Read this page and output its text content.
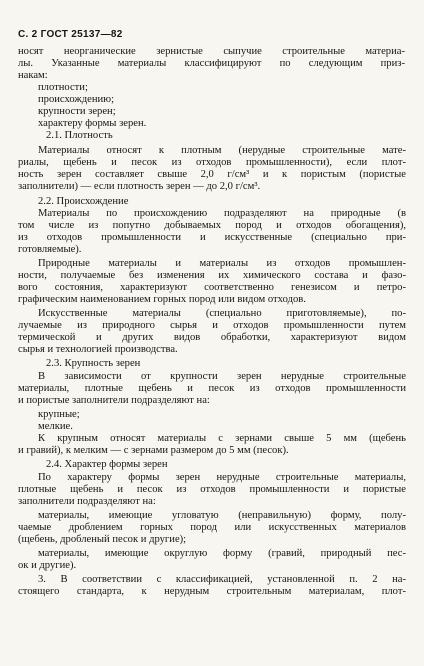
С. 2 ГОСТ 25137—82
носят неорганические зернистые сыпучие строительные материа-
лы. Указанные материалы классифицируют по следующим приз-
накам:
плотности;
происхождению;
крупности зерен;
характеру формы зерен.
2.1. Плотность
Материалы относят к плотным (нерудные строительные мате-
риалы, щебень и песок из отходов промышленности), если плот-
ность зерен составляет свыше 2,0 г/см³ и к пористым (пористые
заполнители) — если плотность зерен — до 2,0 г/см³.
2.2. Происхождение
Материалы по происхождению подразделяют на природные (в
том числе из попутно добываемых пород и отходов обогащения),
из отходов промышленности и искусственные (специально при-
готовляемые).
Природные материалы и материалы из отходов промышлен-
ности, получаемые без изменения их химического состава и фазо-
вого состояния, характеризуют соответственно генезисом и петро-
графическим наименованием горных пород или видом отходов.
Искусственные материалы (специально приготовляемые), по-
лучаемые из природного сырья и отходов промышленности путем
термической и других видов обработки, характеризуют видом
сырья и технологией производства.
2.3. Крупность зерен
В зависимости от крупности зерен нерудные строительные
материалы, плотные щебень и песок из отходов промышленности
и пористые заполнители подразделяют на:
крупные;
мелкие.
К крупным относят материалы с зернами свыше 5 мм (щебень
и гравий), к мелким — с зернами размером до 5 мм (песок).
2.4. Характер формы зерен
По характеру формы зерен нерудные строительные материалы,
плотные щебень и песок из отходов промышленности и пористые
заполнители подразделяют на:
материалы, имеющие угловатую (неправильную) форму, полу-
чаемые дроблением горных пород или искусственных материалов
(щебень, дробленый песок и другие);
материалы, имеющие округлую форму (гравий, природный пес-
ок и другие).
3. В соответствии с классификацией, установленной п. 2 на-
стоящего стандарта, к нерудным строительным материалам, плот-
